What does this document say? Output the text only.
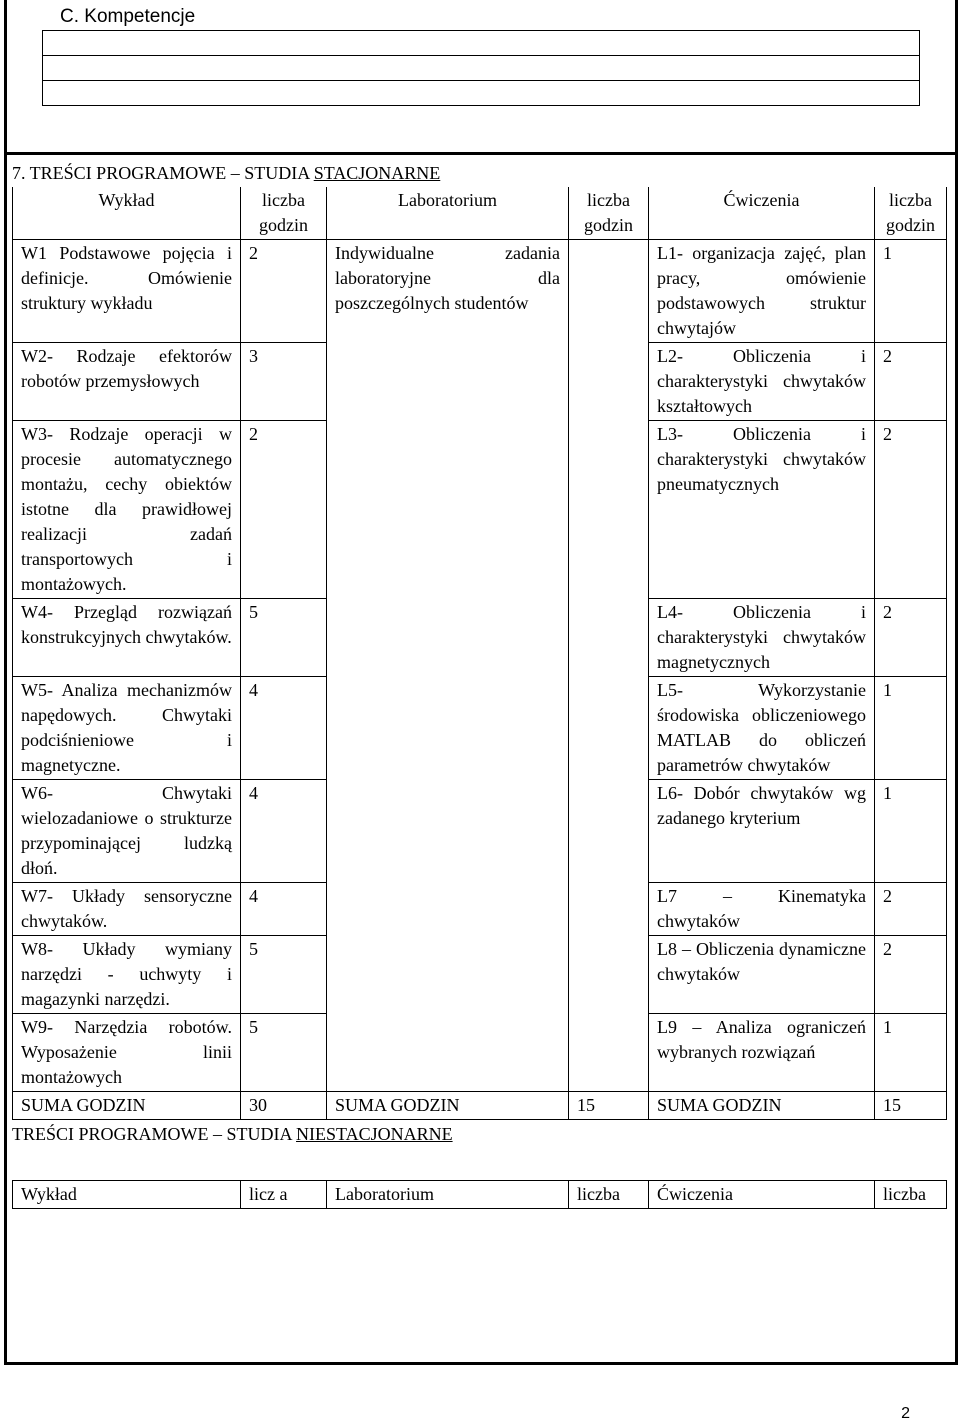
C. Kompetencje

7. TREŚCI PROGRAMOWE – STUDIA STACJONARNE
Wykład	liczba godzin	Laboratorium	liczba godzin	Ćwiczenia	liczba godzin
W1 Podstawowe pojęcia i definicje. Omówienie struktury wykładu	2	Indywidualne zadania laboratoryjne dla poszczególnych studentów		L1- organizacja zajęć, plan pracy, omówienie podstawowych struktur chwytajów	1
W2- Rodzaje efektorów robotów przemysłowych	3			L2- Obliczenia i charakterystyki chwytaków kształtowych	2
W3- Rodzaje operacji w procesie automatycznego montażu, cechy obiektów istotne dla prawidłowej realizacji zadań transportowych i montażowych.	2			L3- Obliczenia i charakterystyki chwytaków pneumatycznych	2
W4- Przegląd rozwiązań konstrukcyjnych chwytaków.	5			L4- Obliczenia i charakterystyki chwytaków magnetycznych	2
W5- Analiza mechanizmów napędowych. Chwytaki podciśnieniowe i magnetyczne.	4			L5- Wykorzystanie środowiska obliczeniowego MATLAB do obliczeń parametrów chwytaków	1
W6- Chwytaki wielozadaniowe o strukturze przypominającej ludzką dłoń.	4			L6- Dobór chwytaków wg zadanego kryterium	1
W7- Układy sensoryczne chwytaków.	4			L7 – Kinematyka chwytaków	2
W8- Układy wymiany narzędzi - uchwyty i magazynki narzędzi.	5			L8 – Obliczenia dynamiczne chwytaków	2
W9- Narzędzia robotów. Wyposażenie linii montażowych	5			L9 – Analiza ograniczeń wybranych rozwiązań	1
SUMA GODZIN	30	SUMA GODZIN	15	SUMA GODZIN	15
TREŚCI PROGRAMOWE – STUDIA NIESTACJONARNE
Wykład	licz a	Laboratorium	liczba	Ćwiczenia	liczba
2
